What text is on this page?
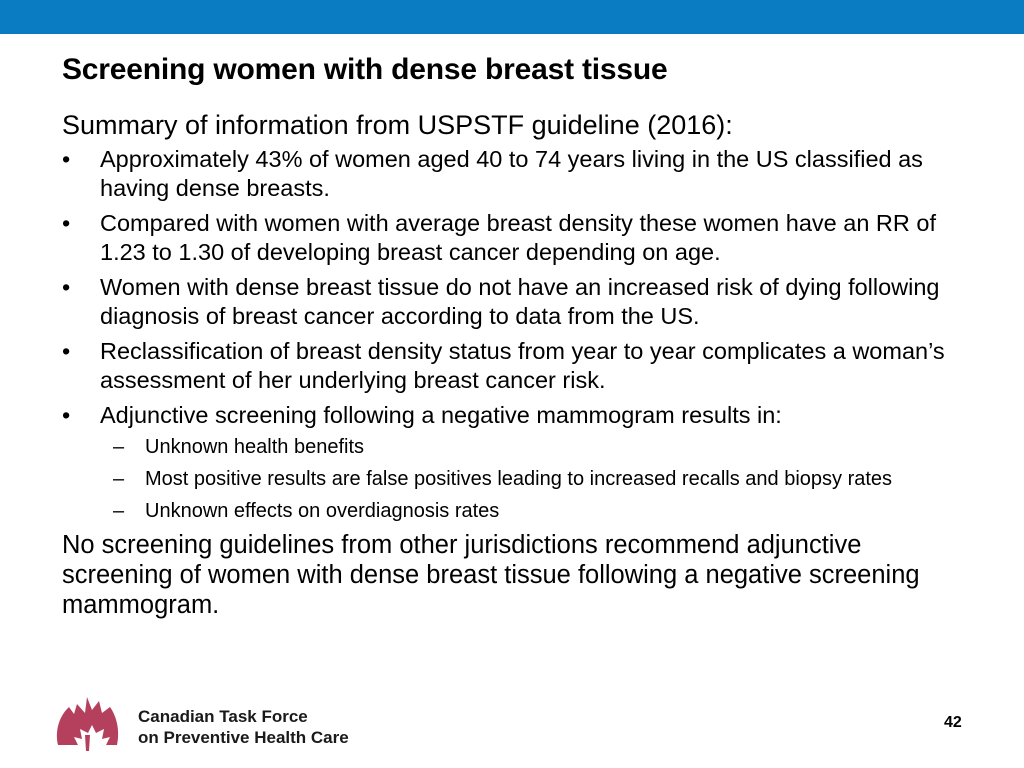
Screening women with dense breast tissue

Summary of information from USPSTF guideline (2016):

• Approximately 43% of women aged 40 to 74 years living in the US classified as having dense breasts.
• Compared with women with average breast density these women have an RR of 1.23 to 1.30 of developing breast cancer depending on age.
• Women with dense breast tissue do not have an increased risk of dying following diagnosis of breast cancer according to data from the US.
• Reclassification of breast density status from year to year complicates a woman’s assessment of her underlying breast cancer risk.
• Adjunctive screening following a negative mammogram results in:
– Unknown health benefits
– Most positive results are false positives leading to increased recalls and biopsy rates
– Unknown effects on overdiagnosis rates

No screening guidelines from other jurisdictions recommend adjunctive screening of women with dense breast tissue following a negative screening mammogram.

Canadian Task Force
on Preventive Health Care
42
